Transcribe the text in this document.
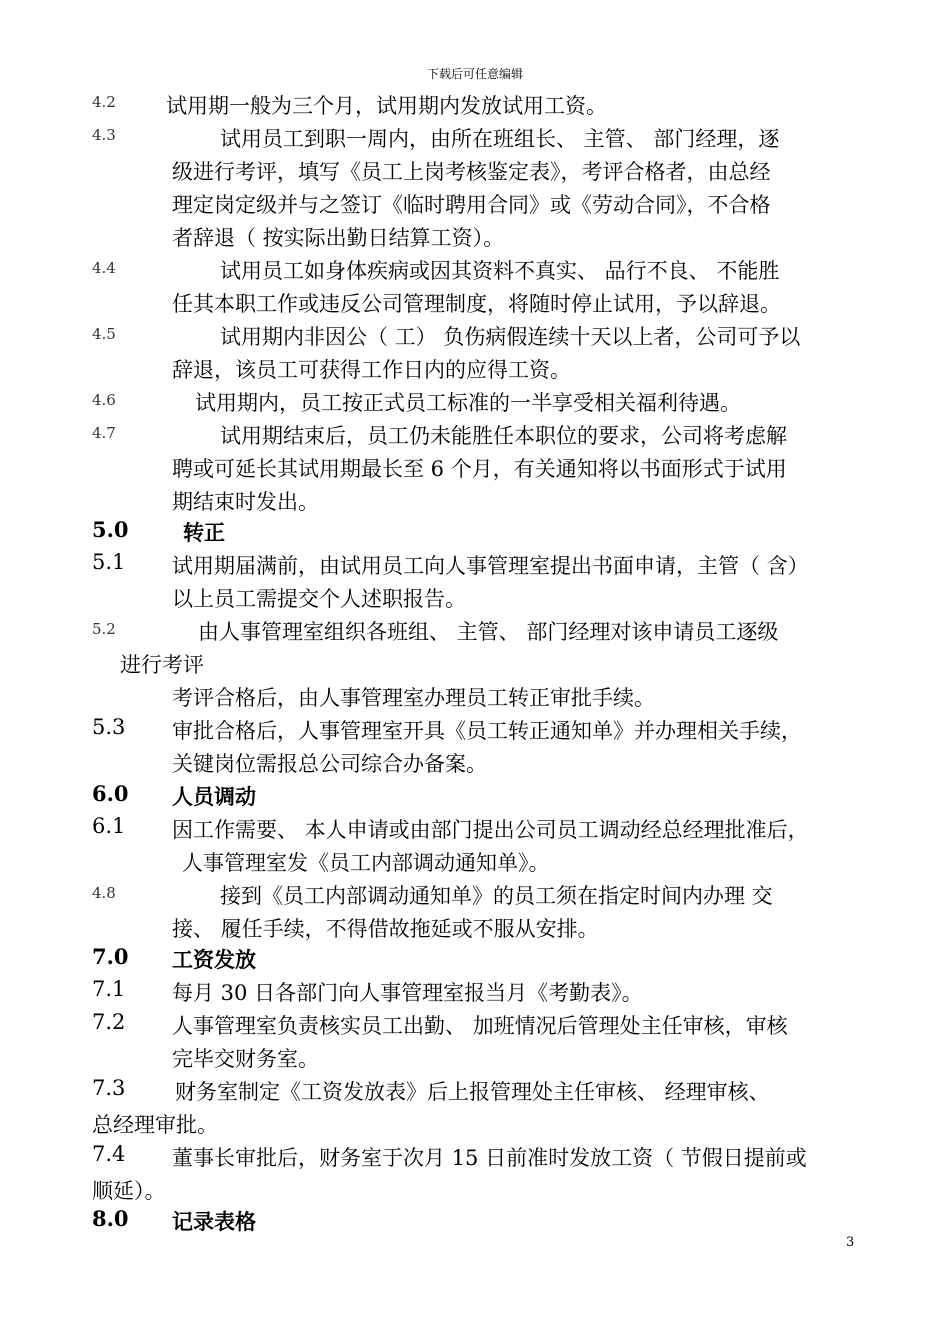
下载后可任意编辑
4.2 试用期一般为三个月，试用期内发放试用工资。
4.3	试用员工到职一周内，由所在班组长、 主管、 部门经理，逐
级进行考评，填写《员工上岗考核鉴定表》，考评合格者，由总经
理定岗定级并与之签订《临时聘用合同》或《劳动合同》，不合格
者辞退（ 按实际出勤日结算工资）。
4.4	试用员工如身体疾病或因其资料不真实、 品行不良、 不能胜
任其本职工作或违反公司管理制度，将随时停止试用，予以辞退。
4.5	试用期内非因公（ 工） 负伤病假连续十天以上者，公司可予以
辞退，该员工可获得工作日内的应得工资。
4.6	试用期内，员工按正式员工标准的一半享受相关福利待遇。
4.7	试用期结束后，员工仍未能胜任本职位的要求，公司将考虑解
聘或可延长其试用期最长至 6 个月，有关通知将以书面形式于试用
期结束时发出。
5.0	转正
5.1 试用期届满前，由试用员工向人事管理室提出书面申请，主管（ 含）
以上员工需提交个人述职报告。
5.2	由人事管理室组织各班组、 主管、 部门经理对该申请员工逐级
进行考评
考评合格后，由人事管理室办理员工转正审批手续。
5.3 审批合格后，人事管理室开具《员工转正通知单》并办理相关手续，
关键岗位需报总公司综合办备案。
6.0 人员调动
6.1 因工作需要、 本人申请或由部门提出公司员工调动经总经理批准后，
人事管理室发《员工内部调动通知单》。
4.8	接到《员工内部调动通知单》的员工须在指定时间内办理 交
接、 履任手续，不得借故拖延或不服从安排。
7.0 工资发放
7.1 每月 30 日各部门向人事管理室报当月《考勤表》。
7.2 人事管理室负责核实员工出勤、 加班情况后管理处主任审核，审核
完毕交财务室。
7.3 财务室制定《工资发放表》后上报管理处主任审核、 经理审核、
总经理审批。
7.4 董事长审批后，财务室于次月 15 日前准时发放工资（ 节假日提前或
顺延）。
8.0 记录表格
3
